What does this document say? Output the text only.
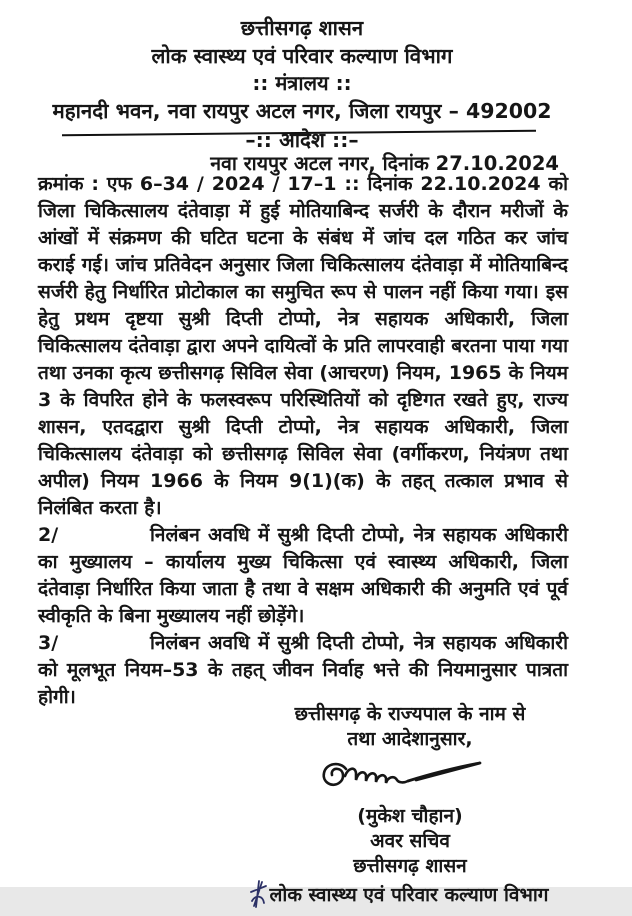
छत्तीसगढ़ शासन
लोक स्वास्थ्य एवं परिवार कल्याण विभाग
:: मंत्रालय ::
महानदी भवन, नवा रायपुर अटल नगर, जिला रायपुर – 492002
–:: आदेश ::–
नवा रायपुर अटल नगर, दिनांक 27.10.2024

क्रमांक : एफ 6–34 / 2024 / 17–1 :: दिनांक 22.10.2024 को जिला चिकित्सालय दंतेवाड़ा में हुई मोतियाबिन्द सर्जरी के दौरान मरीजों के आंखों में संक्रमण की घटित घटना के संबंध में जांच दल गठित कर जांच कराई गई। जांच प्रतिवेदन अनुसार जिला चिकित्सालय दंतेवाड़ा में मोतियाबिन्द सर्जरी हेतु निर्धारित प्रोटोकाल का समुचित रूप से पालन नहीं किया गया। इस हेतु प्रथम दृष्टया सुश्री दिप्ती टोप्पो, नेत्र सहायक अधिकारी, जिला चिकित्सालय दंतेवाड़ा द्वारा अपने दायित्वों के प्रति लापरवाही बरतना पाया गया तथा उनका कृत्य छत्तीसगढ़ सिविल सेवा (आचरण) नियम, 1965 के नियम 3 के विपरित होने के फलस्वरूप परिस्थितियों को दृष्टिगत रखते हुए, राज्य शासन, एतदद्वारा सुश्री दिप्ती टोप्पो, नेत्र सहायक अधिकारी, जिला चिकित्सालय दंतेवाड़ा को छत्तीसगढ़ सिविल सेवा (वर्गीकरण, नियंत्रण तथा अपील) नियम 1966 के नियम 9(1)(क) के तहत् तत्काल प्रभाव से निलंबित करता है।

2/	निलंबन अवधि में सुश्री दिप्ती टोप्पो, नेत्र सहायक अधिकारी का मुख्यालय – कार्यालय मुख्य चिकित्सा एवं स्वास्थ्य अधिकारी, जिला दंतेवाड़ा निर्धारित किया जाता है तथा वे सक्षम अधिकारी की अनुमति एवं पूर्व स्वीकृति के बिना मुख्यालय नहीं छोड़ेंगे।

3/	निलंबन अवधि में सुश्री दिप्ती टोप्पो, नेत्र सहायक अधिकारी को मूलभूत नियम–53 के तहत् जीवन निर्वाह भत्ते की नियमानुसार पात्रता होगी।

छत्तीसगढ़ के राज्यपाल के नाम से
तथा आदेशानुसार,
(मुकेश चौहान)
अवर सचिव
छत्तीसगढ़ शासन
लोक स्वास्थ्य एवं परिवार कल्याण विभाग
